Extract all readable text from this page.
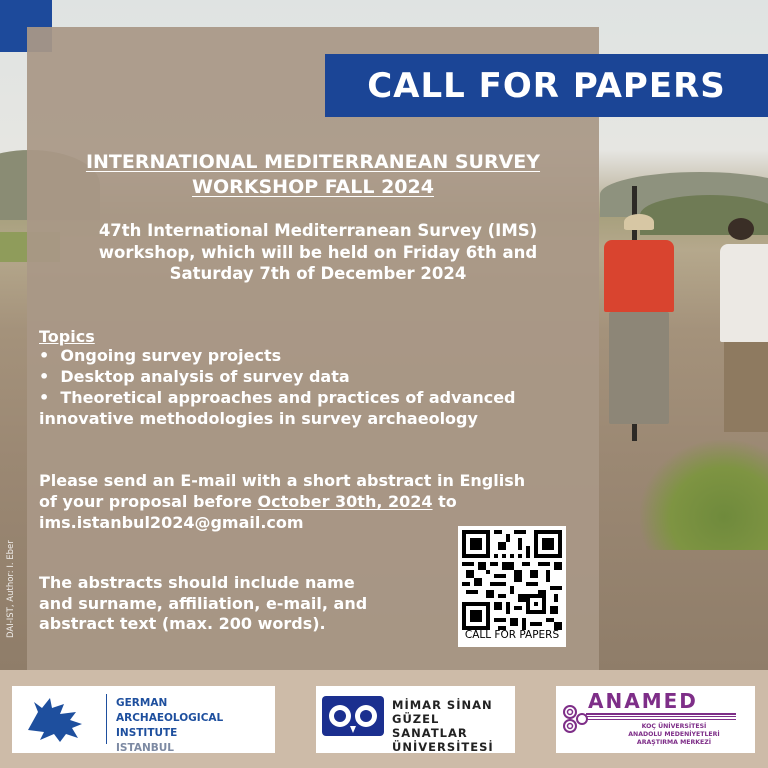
CALL FOR PAPERS
INTERNATIONAL MEDITERRANEAN SURVEY
WORKSHOP FALL 2024
47th International Mediterranean Survey (IMS)
workshop, which will be held on Friday 6th and
Saturday 7th of December 2024
Topics
•  Ongoing survey projects
•  Desktop analysis of survey data
•  Theoretical approaches and practices of advanced
innovative methodologies in survey archaeology
Please send an E-mail with a short abstract in English
of your proposal before October 30th, 2024 to
ims.istanbul2024@gmail.com
The abstracts should include name
and surname, affiliation, e-mail, and
abstract text (max. 200 words).
CALL FOR PAPERS
GERMAN
ARCHAEOLOGICAL INSTITUTE
ISTANBUL
MİMAR SİNAN
GÜZEL SANATLAR
ÜNİVERSİTESİ
ANAMED
KOÇ ÜNİVERSİTESİ
ANADOLU MEDENİYETLERİ
ARAŞTIRMA MERKEZİ
